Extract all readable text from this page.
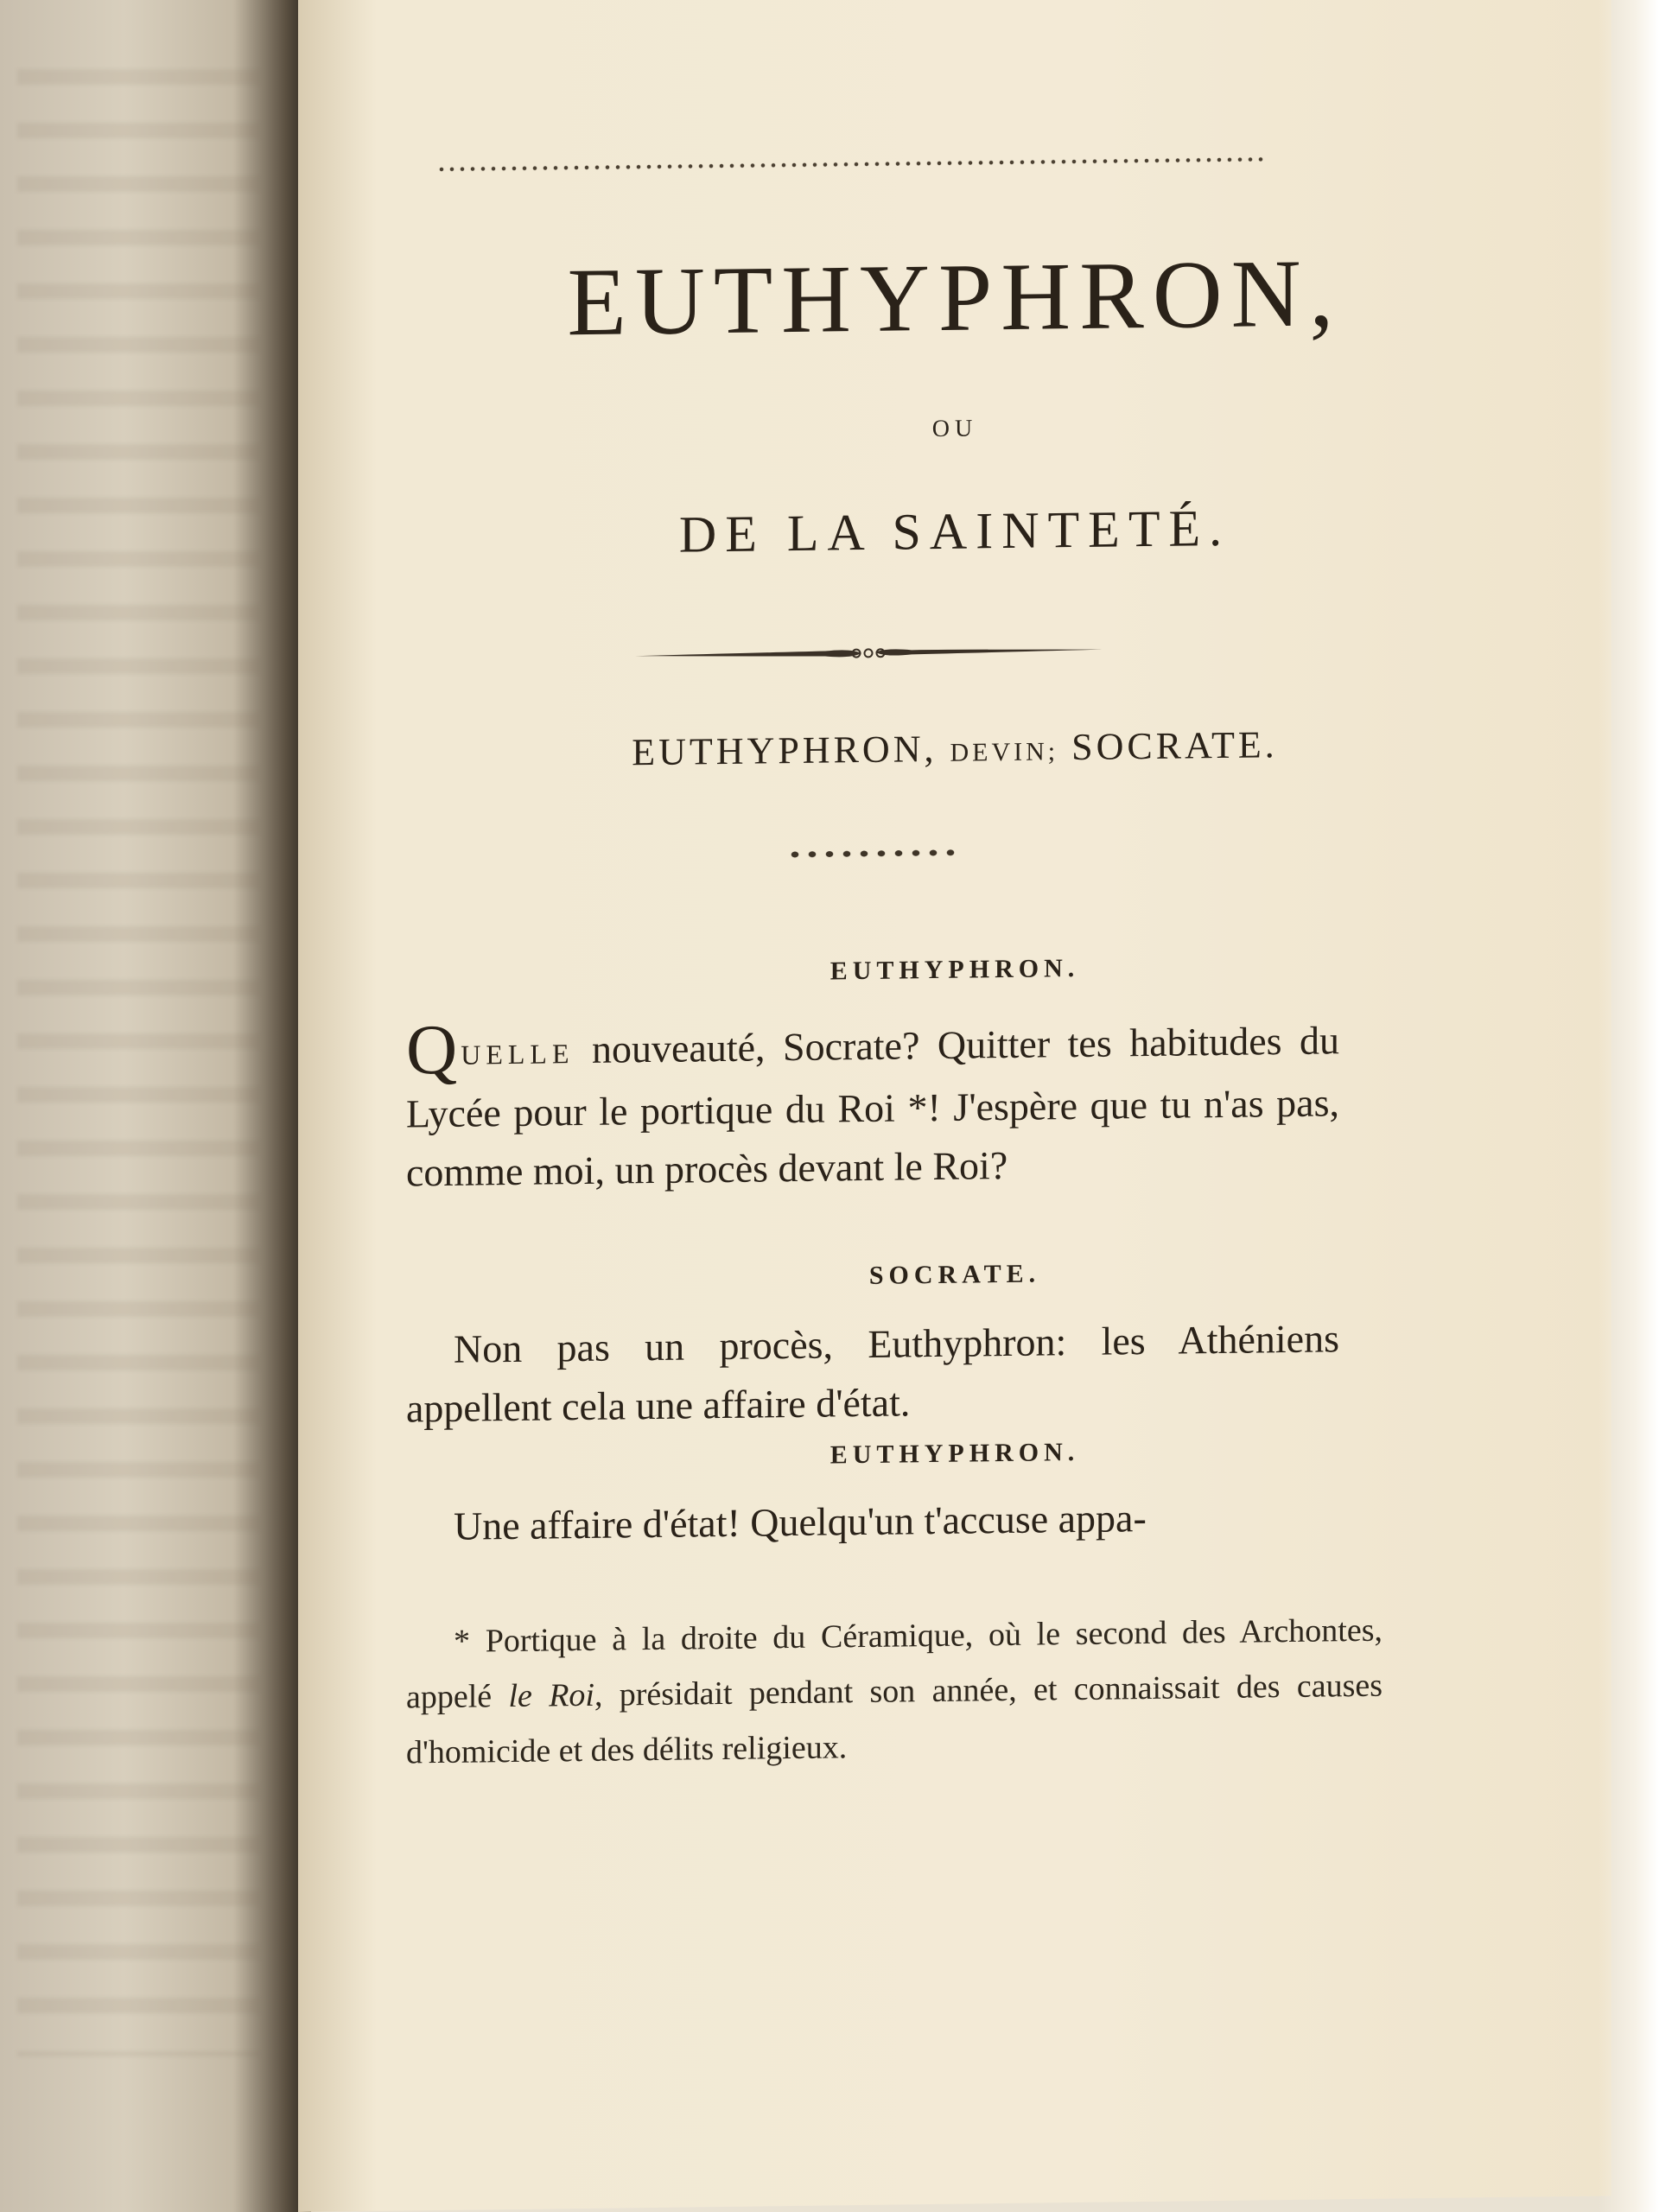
EUTHYPHRON,
OU
DE LA SAINTETÉ.
EUTHYPHRON, DEVIN; SOCRATE.
EUTHYPHRON.
QUELLE nouveauté, Socrate? Quitter tes habitudes du Lycée pour le portique du Roi *! J'espère que tu n'as pas, comme moi, un procès devant le Roi?
SOCRATE.
Non pas un procès, Euthyphron: les Athéniens appellent cela une affaire d'état.
EUTHYPHRON.
Une affaire d'état! Quelqu'un t'accuse appa-
* Portique à la droite du Céramique, où le second des Archontes, appelé le Roi, présidait pendant son année, et connaissait des causes d'homicide et des délits religieux.
